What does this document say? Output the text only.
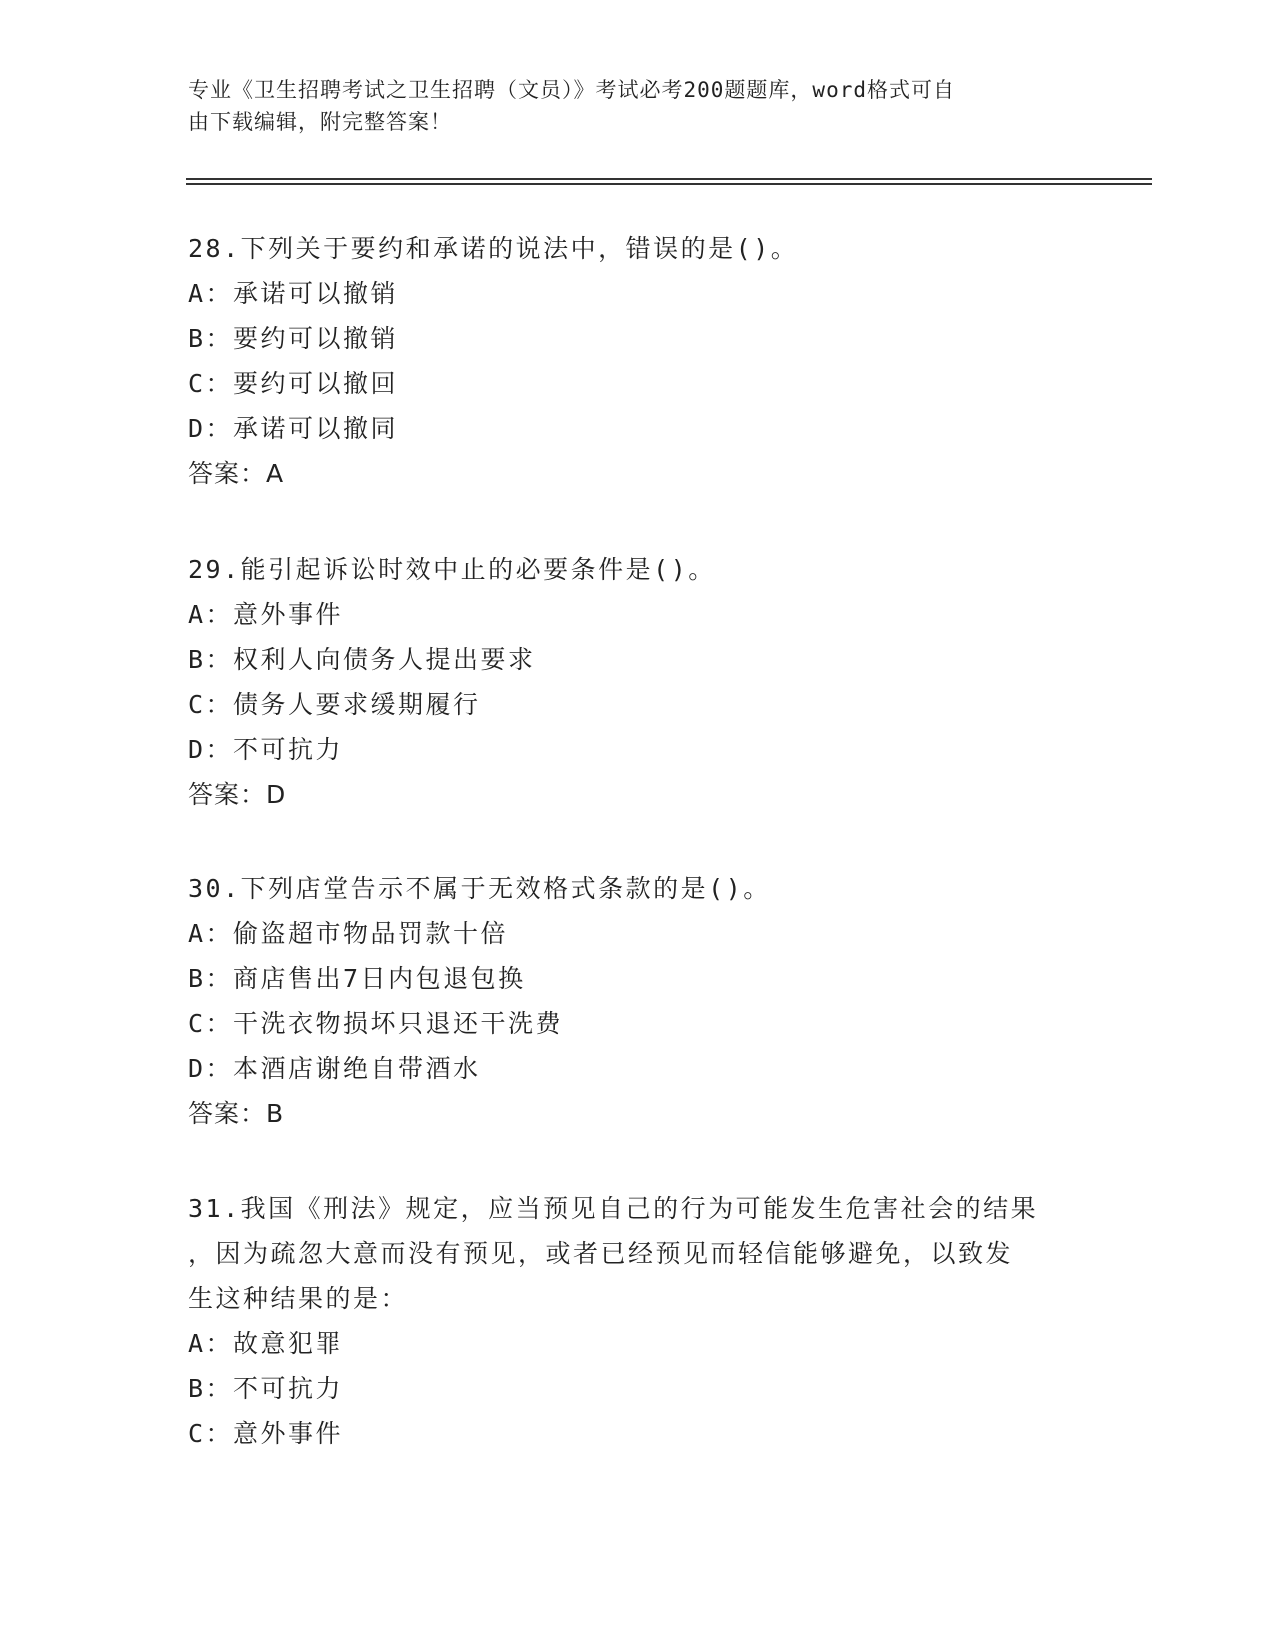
专业《卫生招聘考试之卫生招聘（文员）》考试必考200题题库，word格式可自
由下载编辑，附完整答案！
28.下列关于要约和承诺的说法中，错误的是()。
A：承诺可以撤销
B：要约可以撤销
C：要约可以撤回
D：承诺可以撤同
答案：A
29.能引起诉讼时效中止的必要条件是()。
A：意外事件
B：权利人向债务人提出要求
C：债务人要求缓期履行
D：不可抗力
答案：D
30.下列店堂告示不属于无效格式条款的是()。
A：偷盗超市物品罚款十倍
B：商店售出7日内包退包换
C：干洗衣物损坏只退还干洗费
D：本酒店谢绝自带酒水
答案：B
31.我国《刑法》规定，应当预见自己的行为可能发生危害社会的结果
，因为疏忽大意而没有预见，或者已经预见而轻信能够避免，以致发
生这种结果的是：
A：故意犯罪
B：不可抗力
C：意外事件
